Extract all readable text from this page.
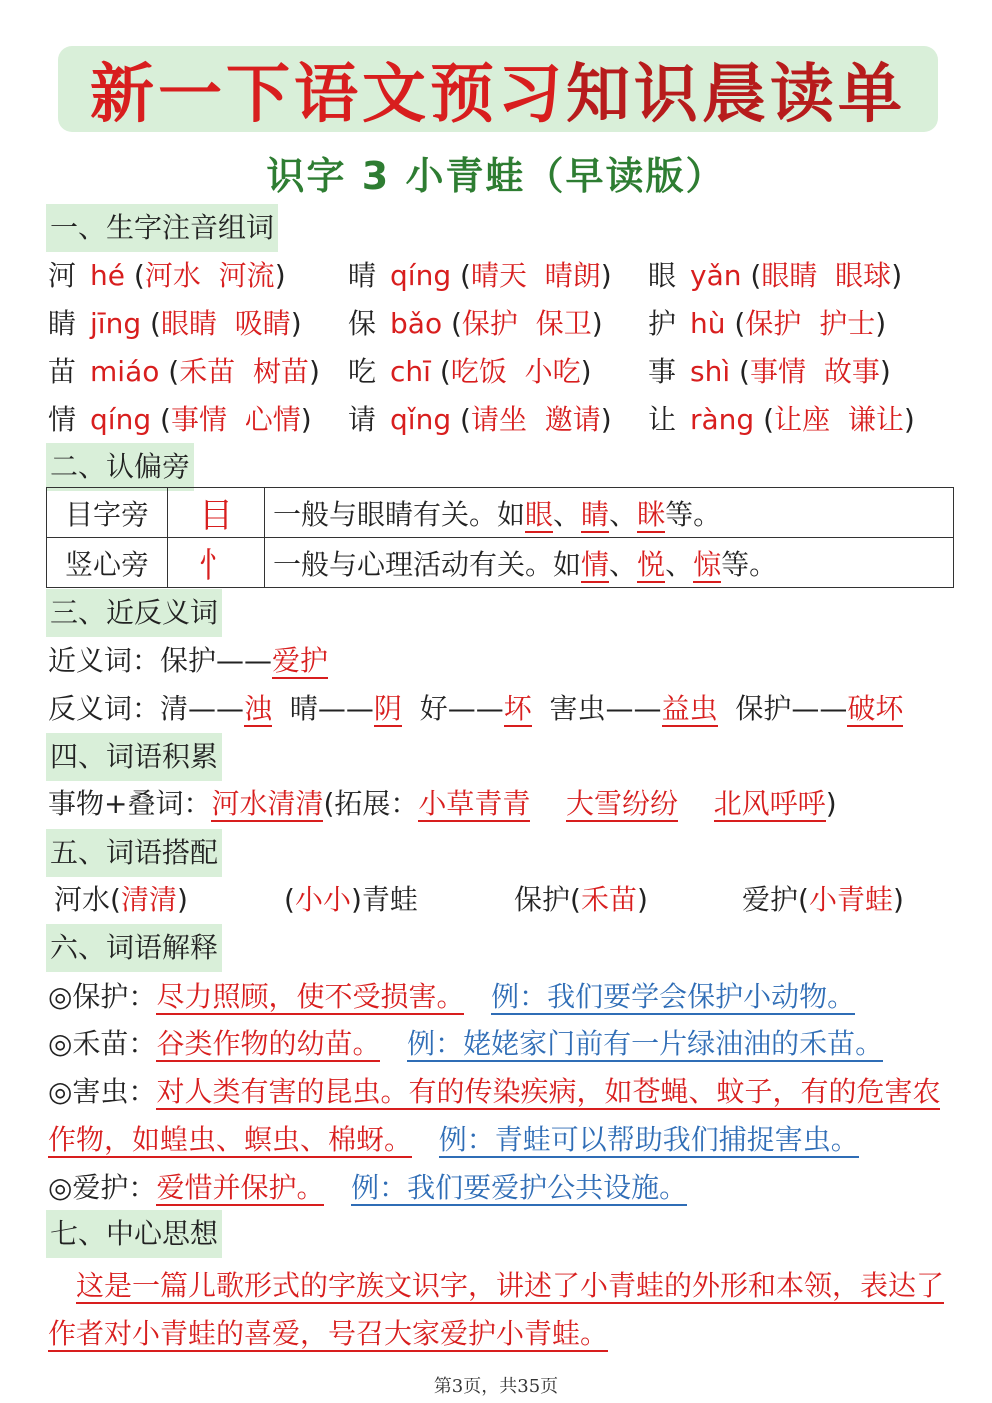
新一下语文预习 知识晨读单
识字 3 小青蛙（早读版）
一、生字注音组词
河 hé (河水 河流)	晴 qíng (晴天 晴朗)	眼 yǎn (眼睛 眼球)
睛 jīng (眼睛 吸睛)	保 bǎo (保护 保卫)	护 hù (保护 护士)
苗 miáo (禾苗 树苗)	吃 chī (吃饭 小吃)	事 shì (事情 故事)
情 qíng (事情 心情)	请 qǐng (请坐 邀请)	让 ràng (让座 谦让)
二、认偏旁
目字旁	目	一般与眼睛有关。如眼、睛、眯等。
竖心旁	忄	一般与心理活动有关。如情、悦、惊等。
三、近反义词
近义词：保护——爱护
反义词：清——浊 晴——阴 好——坏 害虫——益虫 保护——破坏
四、词语积累
事物+叠词：河水清清(拓展：小草青青 大雪纷纷 北风呼呼)
五、词语搭配
河水(清清)	(小小)青蛙	保护(禾苗)	爱护(小青蛙)
六、词语解释
◎保护：尽力照顾，使不受损害。 例：我们要学会保护小动物。
◎禾苗：谷类作物的幼苗。 例：姥姥家门前有一片绿油油的禾苗。
◎害虫：对人类有害的昆虫。有的传染疾病，如苍蝇、蚊子，有的危害农
作物，如蝗虫、螟虫、棉蚜。 例：青蛙可以帮助我们捕捉害虫。
◎爱护：爱惜并保护。 例：我们要爱护公共设施。
七、中心思想
这是一篇儿歌形式的字族文识字，讲述了小青蛙的外形和本领，表达了
作者对小青蛙的喜爱，号召大家爱护小青蛙。
第3页，共35页
